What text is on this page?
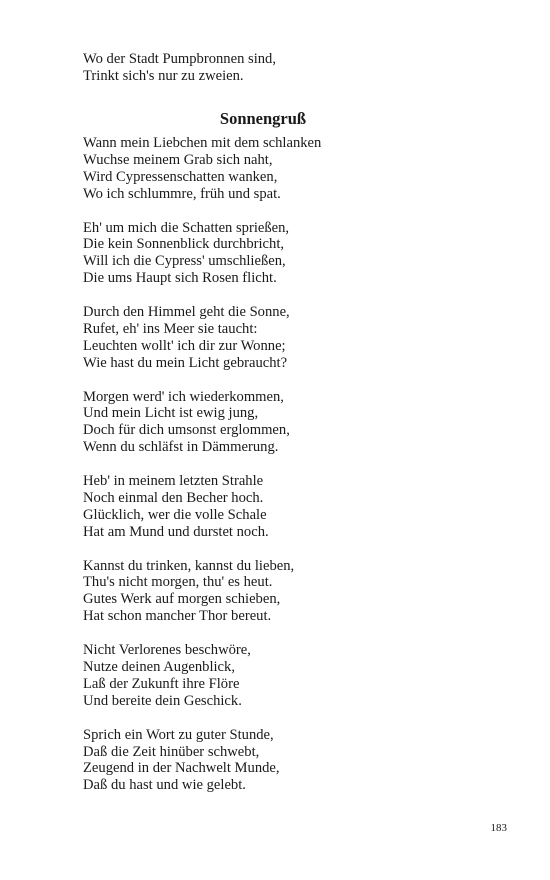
Wo der Stadt Pumpbronnen sind,
Trinkt sich's nur zu zweien.
Sonnengruß
Wann mein Liebchen mit dem schlanken
Wuchse meinem Grab sich naht,
Wird Cypressenschatten wanken,
Wo ich schlummre, früh und spat.
Eh' um mich die Schatten sprießen,
Die kein Sonnenblick durchbricht,
Will ich die Cypress' umschließen,
Die ums Haupt sich Rosen flicht.
Durch den Himmel geht die Sonne,
Rufet, eh' ins Meer sie taucht:
Leuchten wollt' ich dir zur Wonne;
Wie hast du mein Licht gebraucht?
Morgen werd' ich wiederkommen,
Und mein Licht ist ewig jung,
Doch für dich umsonst erglommen,
Wenn du schläfst in Dämmerung.
Heb' in meinem letzten Strahle
Noch einmal den Becher hoch.
Glücklich, wer die volle Schale
Hat am Mund und durstet noch.
Kannst du trinken, kannst du lieben,
Thu's nicht morgen, thu' es heut.
Gutes Werk auf morgen schieben,
Hat schon mancher Thor bereut.
Nicht Verlorenes beschwöre,
Nutze deinen Augenblick,
Laß der Zukunft ihre Flöre
Und bereite dein Geschick.
Sprich ein Wort zu guter Stunde,
Daß die Zeit hinüber schwebt,
Zeugend in der Nachwelt Munde,
Daß du hast und wie gelebt.
183
